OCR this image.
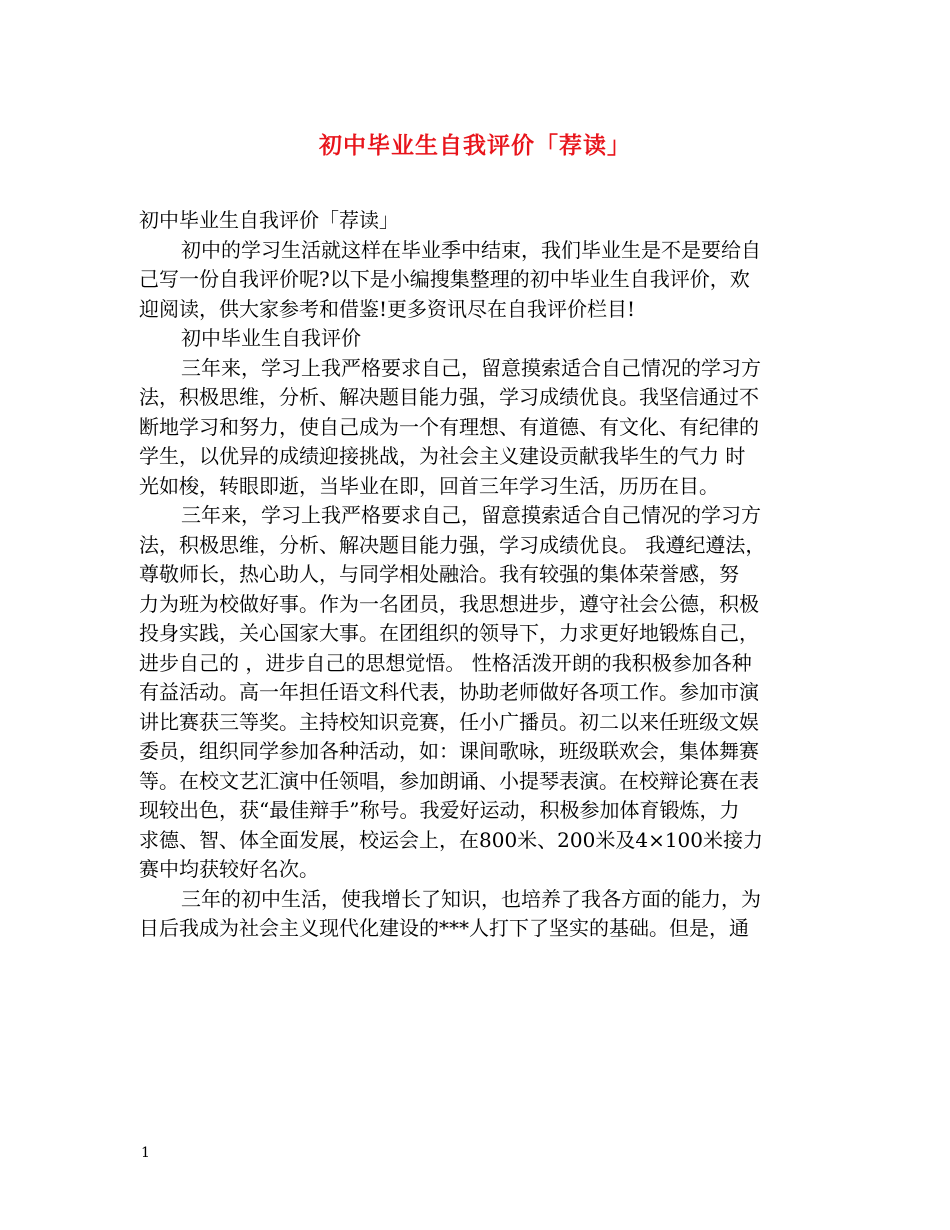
初中毕业生自我评价「荐读」
初中毕业生自我评价「荐读」
初中的学习生活就这样在毕业季中结束，我们毕业生是不是要给自
己写一份自我评价呢?以下是小编搜集整理的初中毕业生自我评价，欢
迎阅读，供大家参考和借鉴!更多资讯尽在自我评价栏目!
初中毕业生自我评价
三年来，学习上我严格要求自己，留意摸索适合自己情况的学习方
法，积极思维，分析、解决题目能力强，学习成绩优良。我坚信通过不
断地学习和努力，使自己成为一个有理想、有道德、有文化、有纪律的
学生，以优异的成绩迎接挑战，为社会主义建设贡献我毕生的气力 时
光如梭，转眼即逝，当毕业在即，回首三年学习生活，历历在目。
三年来，学习上我严格要求自己，留意摸索适合自己情况的学习方
法，积极思维，分析、解决题目能力强，学习成绩优良。 我遵纪遵法，
尊敬师长，热心助人，与同学相处融洽。我有较强的集体荣誉感，努
力为班为校做好事。作为一名团员，我思想进步，遵守社会公德，积极
投身实践，关心国家大事。在团组织的领导下，力求更好地锻炼自己，
进步自己的 ，进步自己的思想觉悟。 性格活泼开朗的我积极参加各种
有益活动。高一年担任语文科代表，协助老师做好各项工作。参加市演
讲比赛获三等奖。主持校知识竞赛，任小广播员。初二以来任班级文娱
委员，组织同学参加各种活动，如：课间歌咏，班级联欢会，集体舞赛
等。在校文艺汇演中任领唱，参加朗诵、小提琴表演。在校辩论赛在表
现较出色，获“最佳辩手”称号。我爱好运动，积极参加体育锻炼，力
求德、智、体全面发展，校运会上，在800米、200米及4×100米接力
赛中均获较好名次。
三年的初中生活，使我增长了知识，也培养了我各方面的能力，为
日后我成为社会主义现代化建设的***人打下了坚实的基础。但是，通
1
